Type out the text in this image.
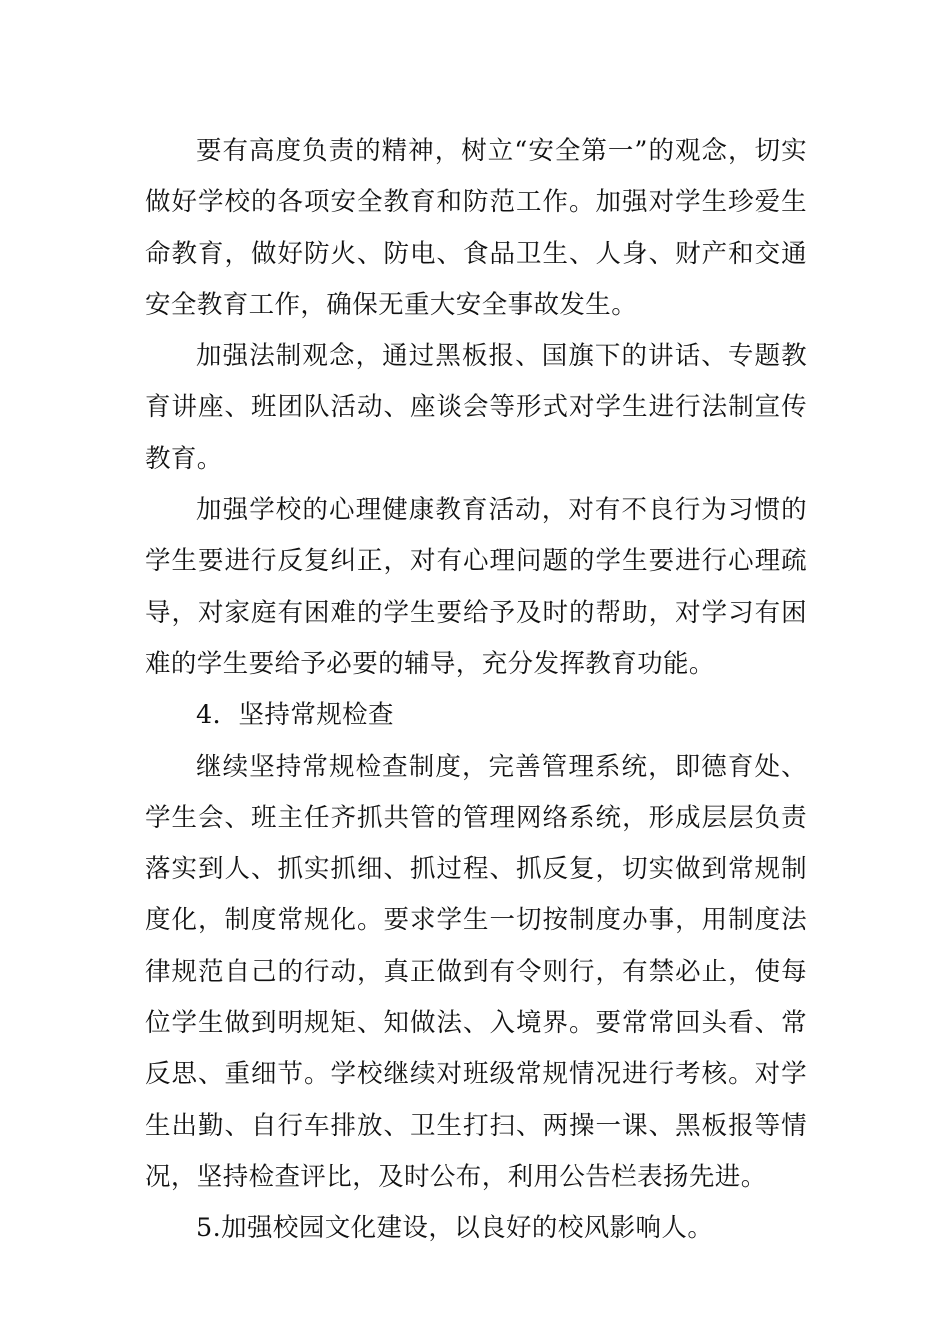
要有高度负责的精神，树立“安全第一”的观念，切实做好学校的各项安全教育和防范工作。加强对学生珍爱生命教育，做好防火、防电、食品卫生、人身、财产和交通安全教育工作，确保无重大安全事故发生。

加强法制观念，通过黑板报、国旗下的讲话、专题教育讲座、班团队活动、座谈会等形式对学生进行法制宣传教育。

加强学校的心理健康教育活动，对有不良行为习惯的学生要进行反复纠正，对有心理问题的学生要进行心理疏导，对家庭有困难的学生要给予及时的帮助，对学习有困难的学生要给予必要的辅导，充分发挥教育功能。

4．坚持常规检查

继续坚持常规检查制度，完善管理系统，即德育处、学生会、班主任齐抓共管的管理网络系统，形成层层负责落实到人、抓实抓细、抓过程、抓反复，切实做到常规制度化，制度常规化。要求学生一切按制度办事，用制度法律规范自己的行动，真正做到有令则行，有禁必止，使每位学生做到明规矩、知做法、入境界。要常常回头看、常反思、重细节。学校继续对班级常规情况进行考核。对学生出勤、自行车排放、卫生打扫、两操一课、黑板报等情况，坚持检查评比，及时公布，利用公告栏表扬先进。

5.加强校园文化建设，以良好的校风影响人。
